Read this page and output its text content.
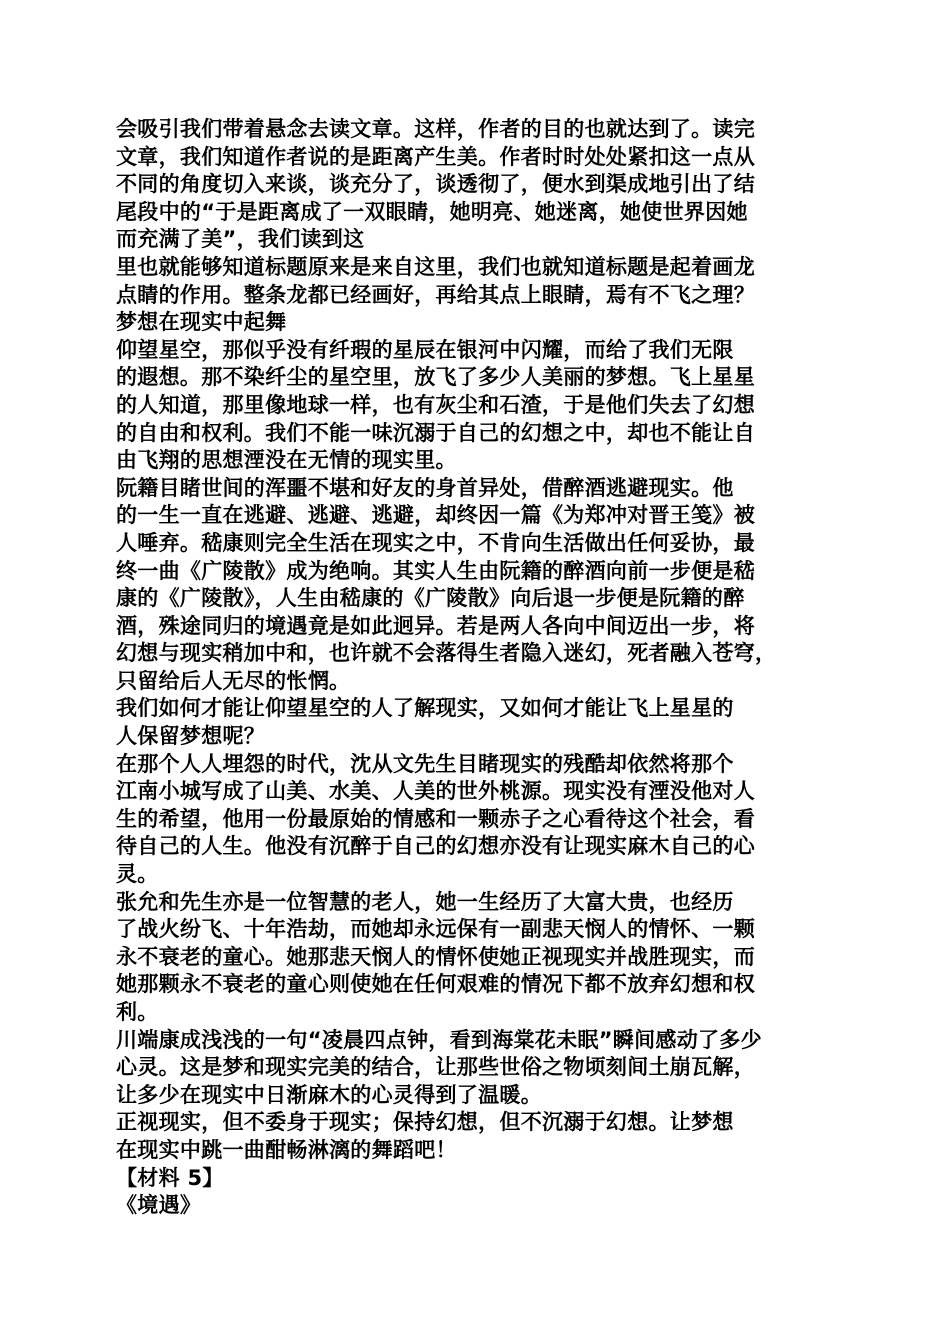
会吸引我们带着悬念去读文章。这样，作者的目的也就达到了。读完
文章，我们知道作者说的是距离产生美。作者时时处处紧扣这一点从
不同的角度切入来谈，谈充分了，谈透彻了，便水到渠成地引出了结
尾段中的“于是距离成了一双眼睛，她明亮、她迷离，她使世界因她
而充满了美”，我们读到这
里也就能够知道标题原来是来自这里，我们也就知道标题是起着画龙
点睛的作用。整条龙都已经画好，再给其点上眼睛，焉有不飞之理？
梦想在现实中起舞
仰望星空，那似乎没有纤瑕的星辰在银河中闪耀，而给了我们无限
的遐想。那不染纤尘的星空里，放飞了多少人美丽的梦想。飞上星星
的人知道，那里像地球一样，也有灰尘和石渣，于是他们失去了幻想
的自由和权利。我们不能一味沉溺于自己的幻想之中，却也不能让自
由飞翔的思想湮没在无情的现实里。
阮籍目睹世间的浑噩不堪和好友的身首异处，借醉酒逃避现实。他
的一生一直在逃避、逃避、逃避，却终因一篇《为郑冲对晋王笺》被
人唾弃。嵇康则完全生活在现实之中，不肯向生活做出任何妥协，最
终一曲《广陵散》成为绝响。其实人生由阮籍的醉酒向前一步便是嵇
康的《广陵散》，人生由嵇康的《广陵散》向后退一步便是阮籍的醉
酒，殊途同归的境遇竟是如此迥异。若是两人各向中间迈出一步，将
幻想与现实稍加中和，也许就不会落得生者隐入迷幻，死者融入苍穹，
只留给后人无尽的怅惘。
我们如何才能让仰望星空的人了解现实，又如何才能让飞上星星的
人保留梦想呢？
在那个人人埋怨的时代，沈从文先生目睹现实的残酷却依然将那个
江南小城写成了山美、水美、人美的世外桃源。现实没有湮没他对人
生的希望，他用一份最原始的情感和一颗赤子之心看待这个社会，看
待自己的人生。他没有沉醉于自己的幻想亦没有让现实麻木自己的心
灵。
张允和先生亦是一位智慧的老人，她一生经历了大富大贵，也经历
了战火纷飞、十年浩劫，而她却永远保有一副悲天悯人的情怀、一颗
永不衰老的童心。她那悲天悯人的情怀使她正视现实并战胜现实，而
她那颗永不衰老的童心则使她在任何艰难的情况下都不放弃幻想和权
利。
川端康成浅浅的一句“凌晨四点钟，看到海棠花未眠”瞬间感动了多少
心灵。这是梦和现实完美的结合，让那些世俗之物顷刻间土崩瓦解，
让多少在现实中日渐麻木的心灵得到了温暖。
正视现实，但不委身于现实；保持幻想，但不沉溺于幻想。让梦想
在现实中跳一曲酣畅淋漓的舞蹈吧！
【材料 5】
《境遇》
